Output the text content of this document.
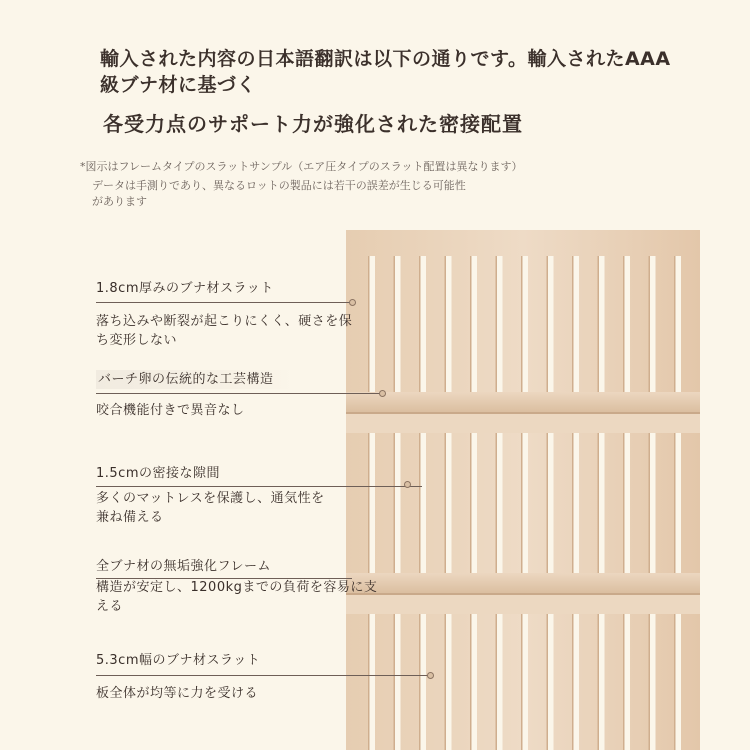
輸入された内容の日本語翻訳は以下の通りです。輸入されたAAA級ブナ材に基づく
各受力点のサポート力が強化された密接配置
*図示はフレームタイプのスラットサンプル（エア圧タイプのスラット配置は異なります）
データは手測りであり、異なるロットの製品には若干の誤差が生じる可能性があります
1.8cm厚みのブナ材スラット
落ち込みや断裂が起こりにくく、硬さを保ち変形しない
バーチ卵の伝統的な工芸構造
咬合機能付きで異音なし
1.5cmの密接な隙間
多くのマットレスを保護し、通気性を兼ね備える
全ブナ材の無垢強化フレーム
構造が安定し、1200kgまでの負荷を容易に支える
5.3cm幅のブナ材スラット
板全体が均等に力を受ける
